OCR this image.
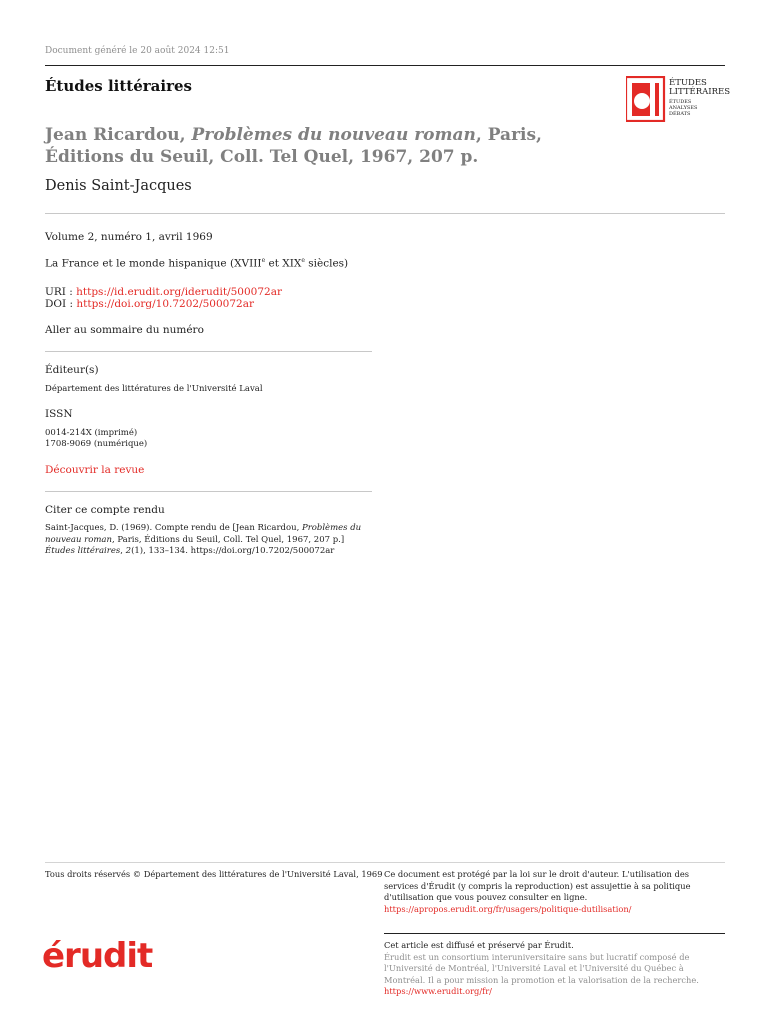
Document généré le 20 août 2024 12:51
Études littéraires	ÉTUDES
LITTÉRAIRES
ÉTUDES
ANALYSES
DÉBATS
Jean Ricardou, Problèmes du nouveau roman, Paris, Éditions du Seuil, Coll. Tel Quel, 1967, 207 p.
Denis Saint-Jacques
Volume 2, numéro 1, avril 1969
La France et le monde hispanique (XVIIIe et XIXe siècles)
URI : https://id.erudit.org/iderudit/500072ar
DOI : https://doi.org/10.7202/500072ar
Aller au sommaire du numéro
Éditeur(s)
Département des littératures de l'Université Laval
ISSN
0014-214X (imprimé)
1708-9069 (numérique)
Découvrir la revue
Citer ce compte rendu
Saint-Jacques, D. (1969). Compte rendu de [Jean Ricardou, Problèmes du nouveau roman, Paris, Éditions du Seuil, Coll. Tel Quel, 1967, 207 p.] Études littéraires, 2(1), 133–134. https://doi.org/10.7202/500072ar
Tous droits réservés © Département des littératures de l'Université Laval, 1969 Ce document est protégé par la loi sur le droit d'auteur. L'utilisation des services d'Érudit (y compris la reproduction) est assujettie à sa politique d'utilisation que vous pouvez consulter en ligne.
https://apropos.erudit.org/fr/usagers/politique-dutilisation/
érudit	Cet article est diffusé et préservé par Érudit.

Érudit est un consortium interuniversitaire sans but lucratif composé de l'Université de Montréal, l'Université Laval et l'Université du Québec à Montréal. Il a pour mission la promotion et la valorisation de la recherche.
https://www.erudit.org/fr/
